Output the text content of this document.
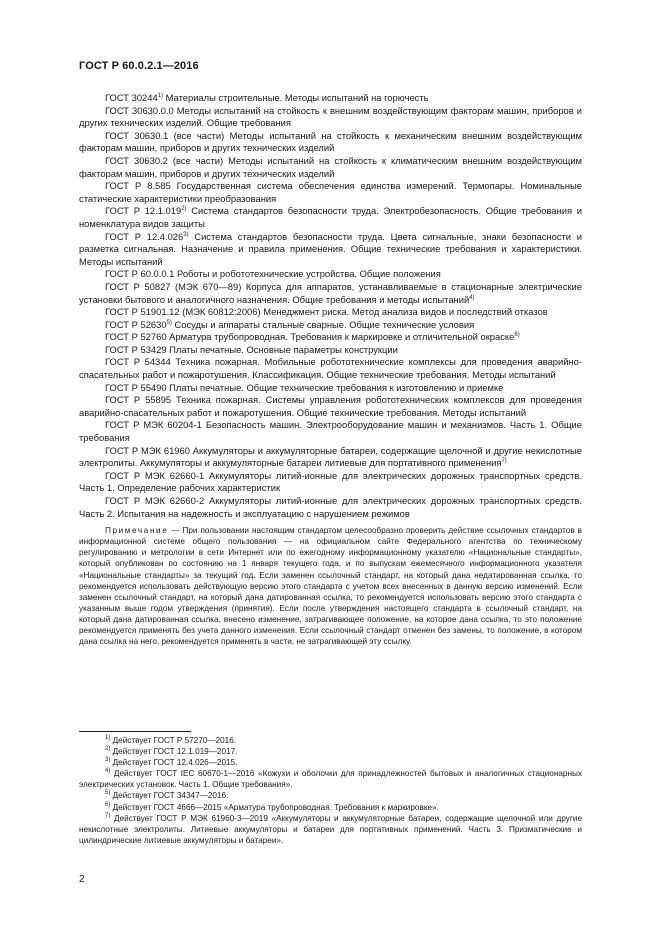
ГОСТ Р 60.0.2.1—2016

ГОСТ 30244$^{1)}$ Материалы строительные. Методы испытаний на горючесть

ГОСТ 30630.0.0 Методы испытаний на стойкость к внешним воздействующим факторам машин, приборов и других технических изделий. Общие требования

ГОСТ 30630.1 (все части) Методы испытаний на стойкость к механическим внешним воздействующим факторам машин, приборов и других технических изделий

ГОСТ 30630.2 (все части) Методы испытаний на стойкость к климатическим внешним воздействующим факторам машин, приборов и других технических изделий

ГОСТ Р 8.585 Государственная система обеспечения единства измерений. Термопары. Номинальные статические характеристики преобразования

ГОСТ Р 12.1.019$^{2)}$ Система стандартов безопасности труда. Электробезопасность. Общие требования и номенклатура видов защиты

ГОСТ Р 12.4.026$^{3)}$ Система стандартов безопасности труда. Цвета сигнальные, знаки безопасности и разметка сигнальная. Назначение и правила применения. Общие технические требования и характеристики. Методы испытаний

ГОСТ Р 60.0.0.1 Роботы и робототехнические устройства. Общие положения

ГОСТ Р 50827 (МЭК 670—89) Корпуса для аппаратов, устанавливаемые в стационарные электрические установки бытового и аналогичного назначения. Общие требования и методы испытаний$^{4)}$

ГОСТ Р 51901.12 (МЭК 60812:2006) Менеджмент риска. Метод анализа видов и последствий отказов

ГОСТ Р 52630$^{5)}$ Сосуды и аппараты стальные сварные. Общие технические условия

ГОСТ Р 52760 Арматура трубопроводная. Требования к маркировке и отличительной окраске$^{6)}$

ГОСТ Р 53429 Платы печатные. Основные параметры конструкции

ГОСТ Р 54344 Техника пожарная. Мобильные робототехнические комплексы для проведения аварийно-спасательных работ и пожаротушения. Классификация. Общие технические требования. Методы испытаний

ГОСТ Р 55490 Платы печатные. Общие технические требования к изготовлению и приемке

ГОСТ Р 55895 Техника пожарная. Системы управления робототехнических комплексов для проведения аварийно-спасательных работ и пожаротушения. Общие технические требования. Методы испытаний

ГОСТ Р МЭК 60204-1 Безопасность машин. Электрооборудование машин и механизмов. Часть 1. Общие требования

ГОСТ Р МЭК 61960 Аккумуляторы и аккумуляторные батареи, содержащие щелочной и другие некислотные электролиты. Аккумуляторы и аккумуляторные батареи литиевые для портативного применения$^{7)}$

ГОСТ Р МЭК 62660-1 Аккумуляторы литий-ионные для электрических дорожных транспортных средств. Часть 1. Определение рабочих характеристик

ГОСТ Р МЭК 62660-2 Аккумуляторы литий-ионные для электрических дорожных транспортных средств. Часть 2. Испытания на надежность и эксплуатацию с нарушением режимов

Примечание — При пользовании настоящим стандартом целесообразно проверить действие ссылочных стандартов в информационной системе общего пользования — на официальном сайте Федерального агентства по техническому регулированию и метрологии в сети Интернет или по ежегодному информационному указателю «Национальные стандарты», который опубликован по состоянию на 1 января текущего года, и по выпускам ежемесячного информационного указателя «Национальные стандарты» за текущий год. Если заменен ссылочный стандарт, на который дана недатированная ссылка, то рекомендуется использовать действующую версию этого стандарта с учетом всех внесенных в данную версию изменений. Если заменен ссылочный стандарт, на который дана датированная ссылка, то рекомендуется использовать версию этого стандарта с указанным выше годом утверждения (принятия). Если после утверждения настоящего стандарта в ссылочный стандарт, на который дана датированная ссылка, внесено изменение, затрагивающее положение, на которое дана ссылка, то это положение рекомендуется применять без учета данного изменения. Если ссылочный стандарт отменен без замены, то положение, в котором дана ссылка на него, рекомендуется применять в части, не затрагивающей эту ссылку.

$^{1)}$ Действует ГОСТ Р 57270—2016.

$^{2)}$ Действует ГОСТ 12.1.019—2017.

$^{3)}$ Действует ГОСТ 12.4.026—2015.

$^{4)}$ Действует ГОСТ IEC 60670-1—2016 «Кожухи и оболочки для принадлежностей бытовых и аналогичных стационарных электрических установок. Часть 1. Общие требования».

$^{5)}$ Действует ГОСТ 34347—2016.

$^{6)}$ Действует ГОСТ 4666—2015 «Арматура трубопроводная. Требования к маркировке».

$^{7)}$ Действует ГОСТ Р МЭК 61960-3—2019 «Аккумуляторы и аккумуляторные батареи, содержащие щелочной или другие некислотные электролиты. Литиевые аккумуляторы и батареи для портативных применений. Часть 3. Призматические и цилиндрические литиевые аккумуляторы и батареи».

2
